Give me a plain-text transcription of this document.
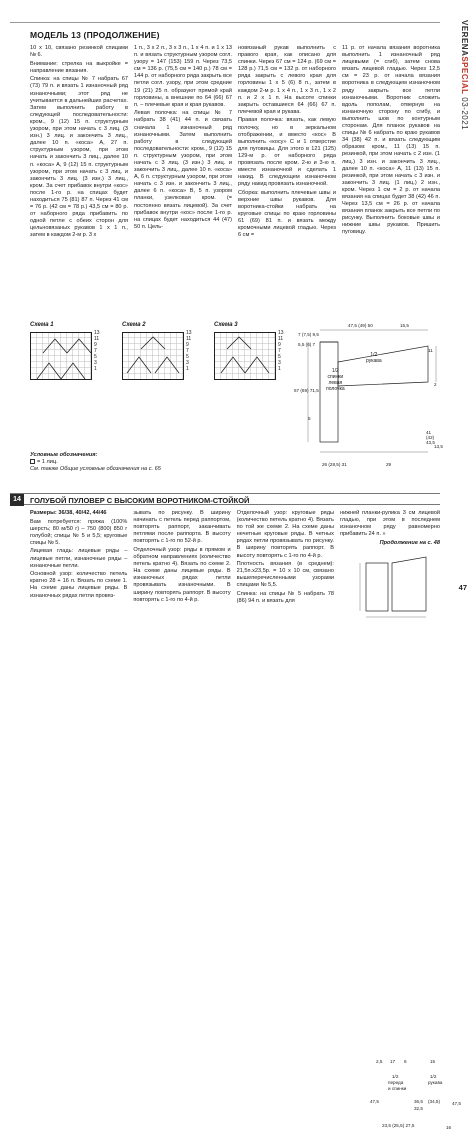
МОДЕЛЬ 13 (ПРОДОЛЖЕНИЕ)	VERENASPECIAL 03-2021

10 х 10, связано резинкой спицами № 6.

Внимание: стрелка на выкройке = направление вязания.

Спинка: на спицы № 7 набрать 67 (73) 79 п. и вязать 1 изнаночный ряд изнаночными; этот ряд не учитывается в дальнейших расчетах. Затем выполнить работу в следующей последовательности: кром., 9 (12) 15 п. структурным узором, при этом начать с 3 лиц. (3 изн.) 3 лиц. и закончить 3 лиц., далее 10 п. «коса» А, 27 п. структурным узором, при этом начать и закончить 3 лиц., далее 10 п. «коса» А, 9 (12) 15 п. структурным узором, при этом начать с 3 лиц. и закончить 3 лиц. (3 изн.) 3 лиц., кром. За счет прибавок внутри «кос» после 1-го р. на спицах будет находиться 75 (81) 87 п. Через 41 см = 76 р. (42 см = 78 р.) 43,5 см = 80 р. от наборного ряда прибавить по одной петле с обеих сторон для цельновязаных рукавов 1 х 1 п., затем в каждом 2-м р. 3 х

1 п., 3 х 2 п., 3 х 3 п., 1 х 4 п. и 1 х 13 п. и вязать структурным узором согл. узору = 147 (153) 159 п. Через 73,5 см = 136 р. (75,5 см = 140 р.) 78 см = 144 р. от наборного ряда закрыть все петли согл. узору, при этом средние 19 (21) 25 п. образуют прямой край горловины, а внешние по 64 (66) 67 п. – плечевые края и края рукавов.

Левая полочка: на спицы № 7 набрать 38 (41) 44 п. и связать сначала 1 изнаночный ряд изнаночными. Затем выполнить работу в следующей последовательности: кром., 9 (12) 15 п. структурным узором, при этом начать с 3 лиц. (3 изн.) 3 лиц. и закончить 3 лиц., далее 10 п. «коса» А, 6 п. структурным узором, при этом начать с 3 изн. и закончить 3 лиц., далее 6 п. «коса» В, 5 п. узором планки, узелковая кром. (= постоянно вязать лицевой). За счет прибавок внутри «кос» после 1-го р. на спицах будет находиться 44 (47) 50 п. Цель-

новязаный рукав выполнить с правого края, как описано для спинки. Через 67 см = 124 р. (69 см = 128 р.) 71,5 см = 132 р. от наборного ряда закрыть с левого края для горловины 1 х 5 (6) 8 п., затем в каждом 2-м р. 1 х 4 п., 1 х 3 п., 1 х 2 п. и 2 х 1 п. На высоте спинки закрыть оставшиеся 64 (66) 67 п. плечевой края и рукава.

Правая полочка: вязать, как левую полочку, но в зеркальном отображении, и вместо «кос» В выполнить «косу» С и 1 отверстие для пуговицы. Для этого в 121 (125) 129-м р. от наборного ряда провязать после кром. 2-ю и 3-ю п. вместе изнаночной и сделать 1 накид. В следующем изнаночном ряду накид провязать изнаночной.

Сборка: выполнить плечевые швы и верхние швы рукавов. Для воротника-стойки набрать на круговые спицы по краю горловины 61 (69) 81 п. и вязать между кромочными лицевой гладью. Через 6 см =

11 р. от начала вязания воротника выполнить 1 изнаночный ряд лицевыми (= сгиб), затем снова вязать лицевой гладью. Через 12,5 см = 23 р. от начала вязания воротника в следующем изнаночном ряду закрыть все петли изнаночными. Воротник сложить вдоль пополам, отвернув на изнаночную сторону по сгибу, и выполнить шов по контурным сторонам. Для планок рукавов на спицы № 6 набрать по краю рукавов 34 (38) 42 п. и вязать следующим образом: кром., 11 (13) 15 п. резинкой, при этом начать с 2 изн. (1 лиц.) 3 изн. и закончить 3 лиц., далее 10 п. «коса» А, 11 (13) 15 п. резинкой, при этом начать с 3 изн. и закончить 3 лиц. (1 лиц.) 2 изн., кром. Через 1 см = 2 р. от начала вязания на спицах будет 38 (42) 46 п. Через 13,5 см = 26 р. от начала вязания планок закрыть все петли по рисунку. Выполнить боковые швы и нижние швы рукавов. Пришить пуговицу.

Схема 1
13
11
9
7
5
3
1
Схема 2
13
11
9
7
5
3
1
Схема 3
13
11
9
7
5
3
1
Условные обозначения:
= 1 лиц.
См. также Общие условные обозначения на с. 65
1/2
спинки
левая
полочка
1/2
рукава
47,5 (49) 50	15,5
7 (7,5) 9,5
5,5 (6) 7
11
41 (42) 43,5
67 (69) 71,5
26 (28,5) 31	29
13,5
5
2
14	ГОЛУБОЙ ПУЛОВЕР С ВЫСОКИМ ВОРОТНИКОМ-СТОЙКОЙ

Размеры: 36/38, 40/42, 44/46

Вам потребуется: пряжа (100% шерсть; 80 м/50 г) – 750 (800) 850 г голубой; спицы № 5 и 5,5; круговые спицы № 5.

Лицевая гладь: лицевые ряды – лицевые петли, изнаночные ряды – изнаночные петли.

Основной узор: количество петель кратно 28 + 16 п. Вязать по схеме 1. На схеме даны лицевые ряды. В изнаночных рядах петли провяз-

зывать по рисунку. В ширину начинать с петель перед раппортом, повторять раппорт, заканчивать петлями после раппорта. В высоту повторять с 1-го по 52-й р.

Отделочный узор: ряды в прямом и обратном направлениях (количество петель кратно 4). Вязать по схеме 2. На схеме даны лицевые ряды. В изнаночных рядах петли провязывать изнаночными. В ширину повторять раппорт. В высоту повторять с 1-го по 4-й р.

Отделочный узор: круговые ряды (количество петель кратно 4). Вязать по той же схеме 2. На схеме даны нечетные круговые ряды. В четных рядах петли провязывать по рисунку. В ширину повторять раппорт. В высоту повторять с 1-го по 4-й р.

Плотность вязания (в среднем): 21,5п.х23,5р. = 10 x 10 см, связано вышеперечисленными узорами спицами № 5,5.

Спинка: на спицы № 5 набрать 78 (86) 94 п. и вязать для

нижней планки-рулика 3 см лицевой гладью, при этом в последнем изнаночном ряду равномерно прибавить 24 п. »

Продолжение на с. 48

1/2
переда
и спинки
1/2
рукава
23,5 (25,5) 27,5
36,5 (34,5) 32,5
47,5
2,5 17 6
47,5
15
16
47
